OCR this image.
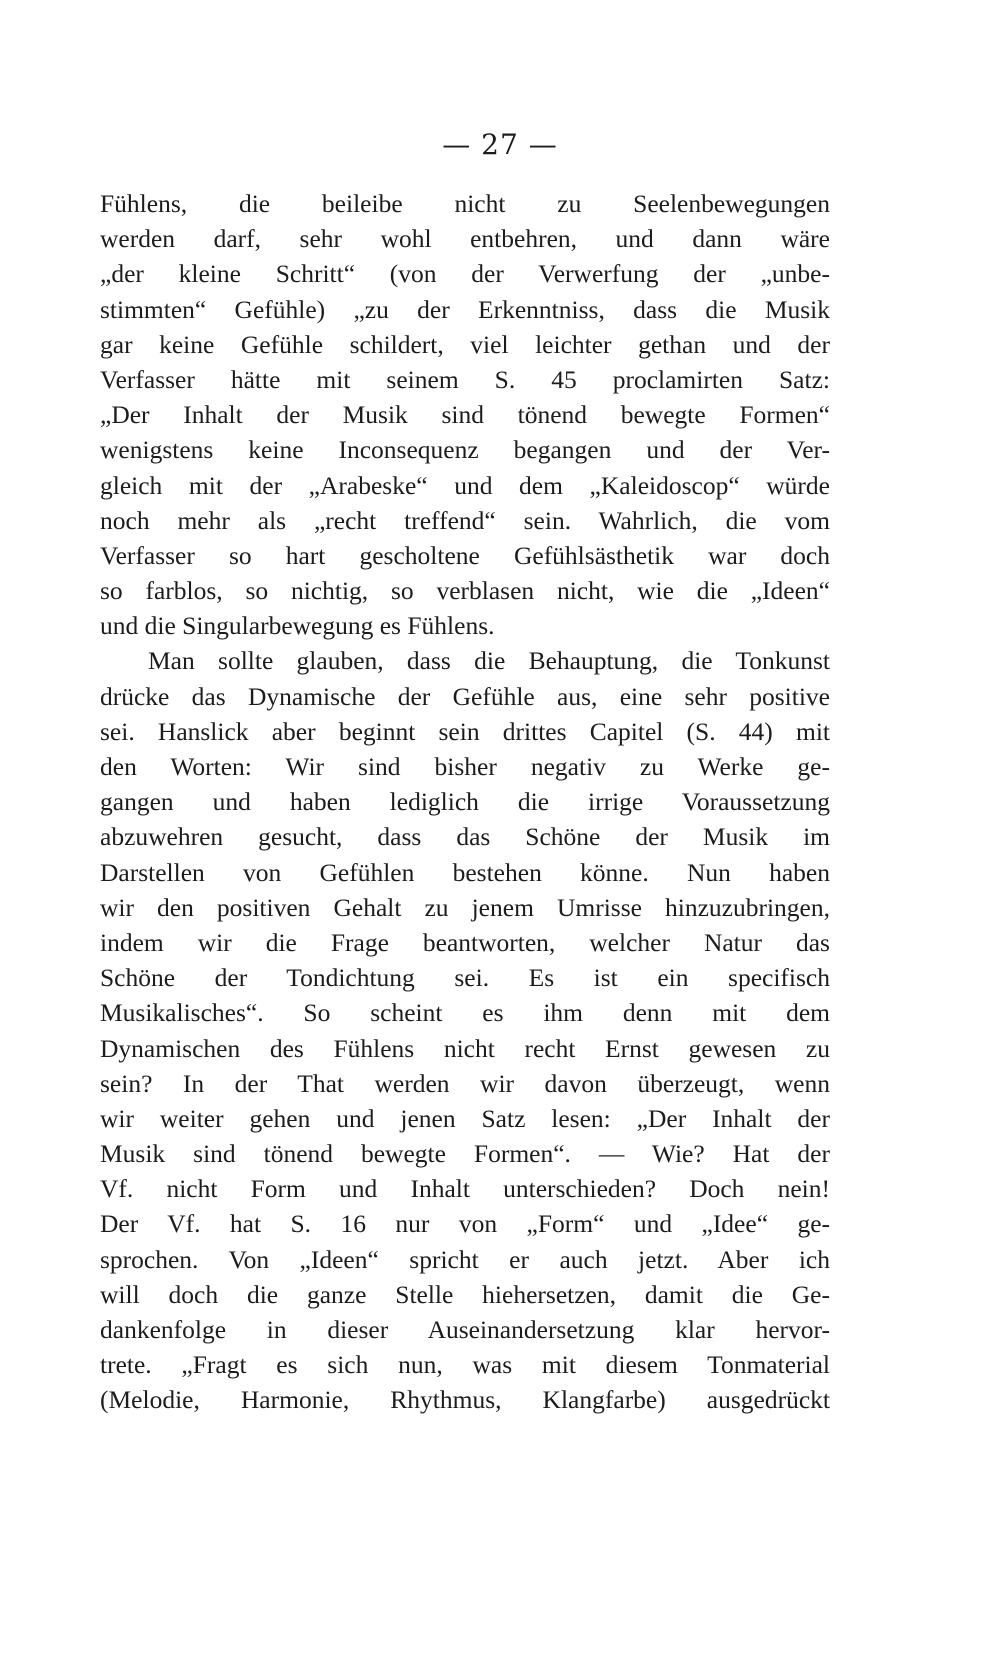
— 27 —
Fühlens, die beileibe nicht zu Seelenbewegungen
werden darf, sehr wohl entbehren, und dann wäre
„der kleine Schritt“ (von der Verwerfung der „unbe-
stimmten“ Gefühle) „zu der Erkenntniss, dass die Musik
gar keine Gefühle schildert, viel leichter gethan und der
Verfasser hätte mit seinem S. 45 proclamirten Satz:
„Der Inhalt der Musik sind tönend bewegte Formen“
wenigstens keine Inconsequenz begangen und der Ver-
gleich mit der „Arabeske“ und dem „Kaleidoscop“ würde
noch mehr als „recht treffend“ sein. Wahrlich, die vom
Verfasser so hart gescholtene Gefühlsästhetik war doch
so farblos, so nichtig, so verblasen nicht, wie die „Ideen“
und die Singularbewegung es Fühlens.
Man sollte glauben, dass die Behauptung, die Tonkunst
drücke das Dynamische der Gefühle aus, eine sehr positive
sei. Hanslick aber beginnt sein drittes Capitel (S. 44) mit
den Worten: Wir sind bisher negativ zu Werke ge-
gangen und haben lediglich die irrige Voraussetzung
abzuwehren gesucht, dass das Schöne der Musik im
Darstellen von Gefühlen bestehen könne. Nun haben
wir den positiven Gehalt zu jenem Umrisse hinzuzubringen,
indem wir die Frage beantworten, welcher Natur das
Schöne der Tondichtung sei. Es ist ein specifisch
Musikalisches“. So scheint es ihm denn mit dem
Dynamischen des Fühlens nicht recht Ernst gewesen zu
sein? In der That werden wir davon überzeugt, wenn
wir weiter gehen und jenen Satz lesen: „Der Inhalt der
Musik sind tönend bewegte Formen“. — Wie? Hat der
Vf. nicht Form und Inhalt unterschieden? Doch nein!
Der Vf. hat S. 16 nur von „Form“ und „Idee“ ge-
sprochen. Von „Ideen“ spricht er auch jetzt. Aber ich
will doch die ganze Stelle hiehersetzen, damit die Ge-
dankenfolge in dieser Auseinandersetzung klar hervor-
trete. „Fragt es sich nun, was mit diesem Tonmaterial
(Melodie, Harmonie, Rhythmus, Klangfarbe) ausgedrückt
